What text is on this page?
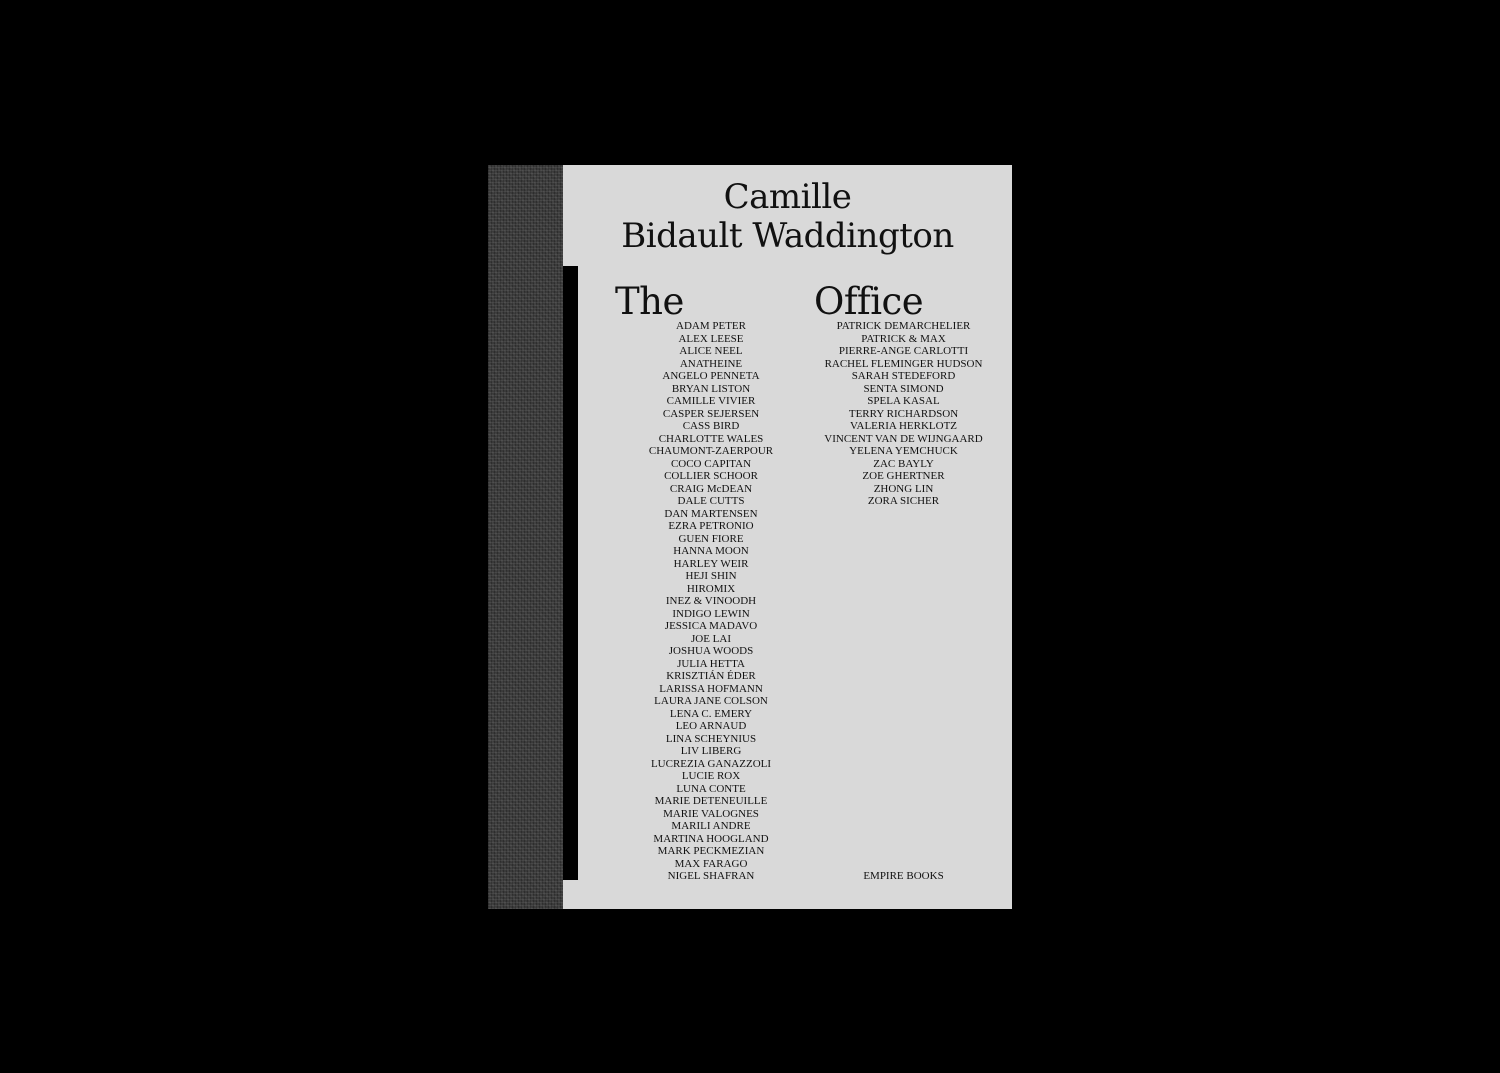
Camille
Bidault Waddington
The	Office
ADAM PETER
ALEX LEESE
ALICE NEEL
ANATHEINE
ANGELO PENNETA
BRYAN LISTON
CAMILLE VIVIER
CASPER SEJERSEN
CASS BIRD
CHARLOTTE WALES
CHAUMONT-ZAERPOUR
COCO CAPITAN
COLLIER SCHOOR
CRAIG McDEAN
DALE CUTTS
DAN MARTENSEN
EZRA PETRONIO
GUEN FIORE
HANNA MOON
HARLEY WEIR
HEJI SHIN
HIROMIX
INEZ & VINOODH
INDIGO LEWIN
JESSICA MADAVO
JOE LAI
JOSHUA WOODS
JULIA HETTA
KRISZTIÁN ÉDER
LARISSA HOFMANN
LAURA JANE COLSON
LENA C. EMERY
LEO ARNAUD
LINA SCHEYNIUS
LIV LIBERG
LUCREZIA GANAZZOLI
LUCIE ROX
LUNA CONTE
MARIE DETENEUILLE
MARIE VALOGNES
MARILI ANDRE
MARTINA HOOGLAND
MARK PECKMEZIAN
MAX FARAGO
NIGEL SHAFRAN
PATRICK DEMARCHELIER
PATRICK & MAX
PIERRE-ANGE CARLOTTI
RACHEL FLEMINGER HUDSON
SARAH STEDEFORD
SENTA SIMOND
SPELA KASAL
TERRY RICHARDSON
VALERIA HERKLOTZ
VINCENT VAN DE WIJNGAARD
YELENA YEMCHUCK
ZAC BAYLY
ZOE GHERTNER
ZHONG LIN
ZORA SICHER
EMPIRE BOOKS
